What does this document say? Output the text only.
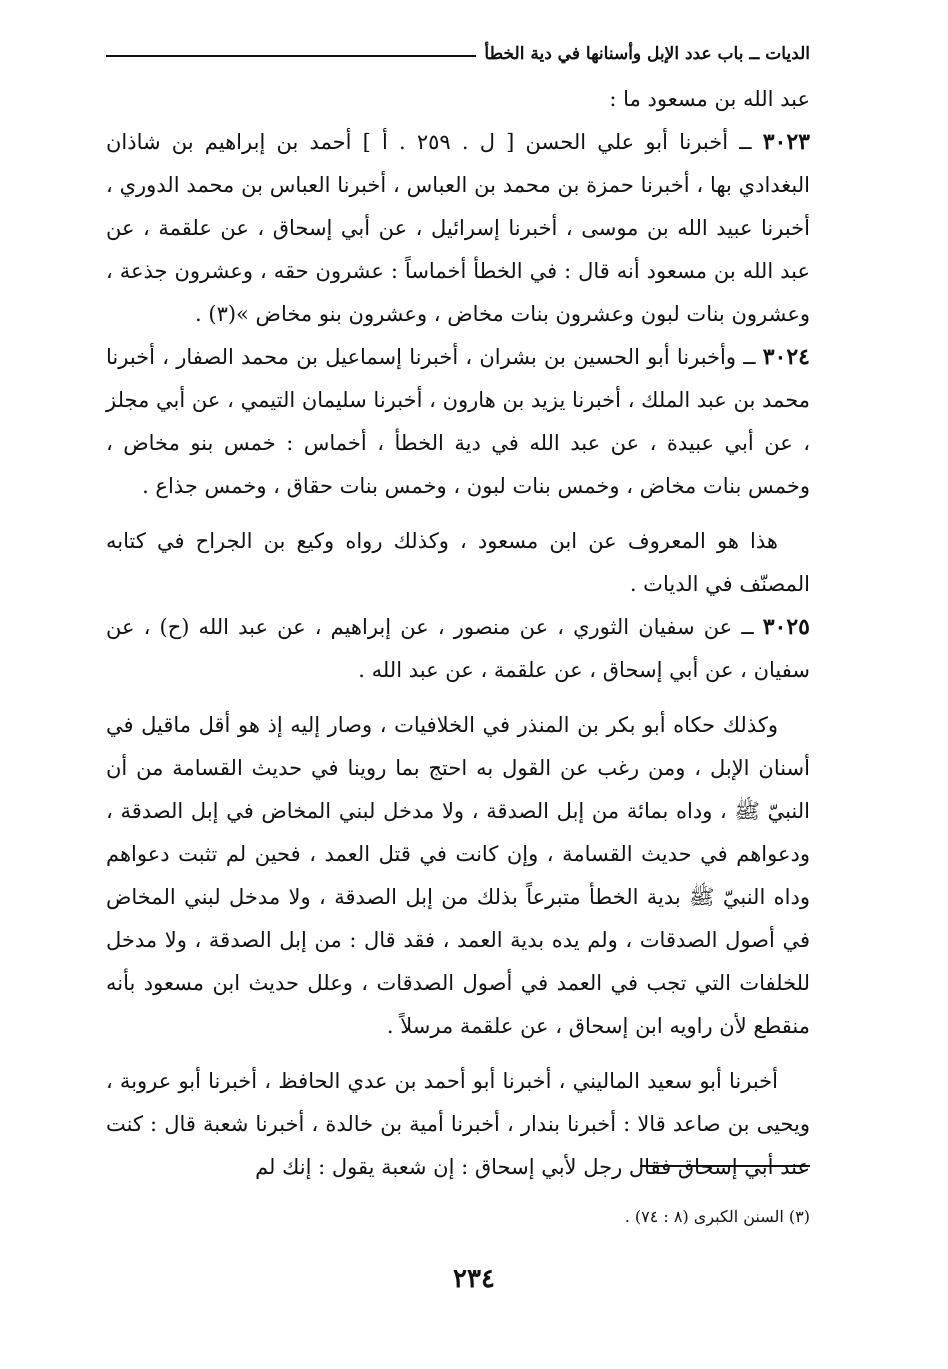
الديات ــ باب عدد الإبل وأسنانها في دية الخطأ

عبد الله بن مسعود ما :

٣٠٢٣ ــ أخبرنا أبو علي الحسن [ ل . ٢٥٩ . أ ] أحمد بن إبراهيم بن شاذان البغدادي بها ، أخبرنا حمزة بن محمد بن العباس ، أخبرنا العباس بن محمد الدوري ، أخبرنا عبيد الله بن موسى ، أخبرنا إسرائيل ، عن أبي إسحاق ، عن علقمة ، عن عبد الله بن مسعود أنه قال : في الخطأ أخماساً : عشرون حقه ، وعشرون جذعة ، وعشرون بنات لبون وعشرون بنات مخاض ، وعشرون بنو مخاض »(٣) .

٣٠٢٤ ــ وأخبرنا أبو الحسين بن بشران ، أخبرنا إسماعيل بن محمد الصفار ، أخبرنا محمد بن عبد الملك ، أخبرنا يزيد بن هارون ، أخبرنا سليمان التيمي ، عن أبي مجلز ، عن أبي عبيدة ، عن عبد الله في دية الخطأ ، أخماس : خمس بنو مخاض ، وخمس بنات مخاض ، وخمس بنات لبون ، وخمس بنات حقاق ، وخمس جذاع .

هذا هو المعروف عن ابن مسعود ، وكذلك رواه وكيع بن الجراح في كتابه المصنّف في الديات .

٣٠٢٥ ــ عن سفيان الثوري ، عن منصور ، عن إبراهيم ، عن عبد الله (ح) ، عن سفيان ، عن أبي إسحاق ، عن علقمة ، عن عبد الله .

وكذلك حكاه أبو بكر بن المنذر في الخلافيات ، وصار إليه إذ هو أقل ماقيل في أسنان الإبل ، ومن رغب عن القول به احتج بما روينا في حديث القسامة من أن النبيّ ﷺ ، وداه بمائة من إبل الصدقة ، ولا مدخل لبني المخاض في إبل الصدقة ، ودعواهم في حديث القسامة ، وإن كانت في قتل العمد ، فحين لم تثبت دعواهم وداه النبيّ ﷺ بدية الخطأ متبرعاً بذلك من إبل الصدقة ، ولا مدخل لبني المخاض في أصول الصدقات ، ولم يده بدية العمد ، فقد قال : من إبل الصدقة ، ولا مدخل للخلفات التي تجب في العمد في أصول الصدقات ، وعلل حديث ابن مسعود بأنه منقطع لأن راويه ابن إسحاق ، عن علقمة مرسلاً .

أخبرنا أبو سعيد الماليني ، أخبرنا أبو أحمد بن عدي الحافظ ، أخبرنا أبو عروبة ، ويحيى بن صاعد قالا : أخبرنا بندار ، أخبرنا أمية بن خالدة ، أخبرنا شعبة قال : كنت عند أبي إسحاق فقال رجل لأبي إسحاق : إن شعبة يقول : إنك لم

(٣) السنن الكبرى (٨ : ٧٤) .
٢٣٤
